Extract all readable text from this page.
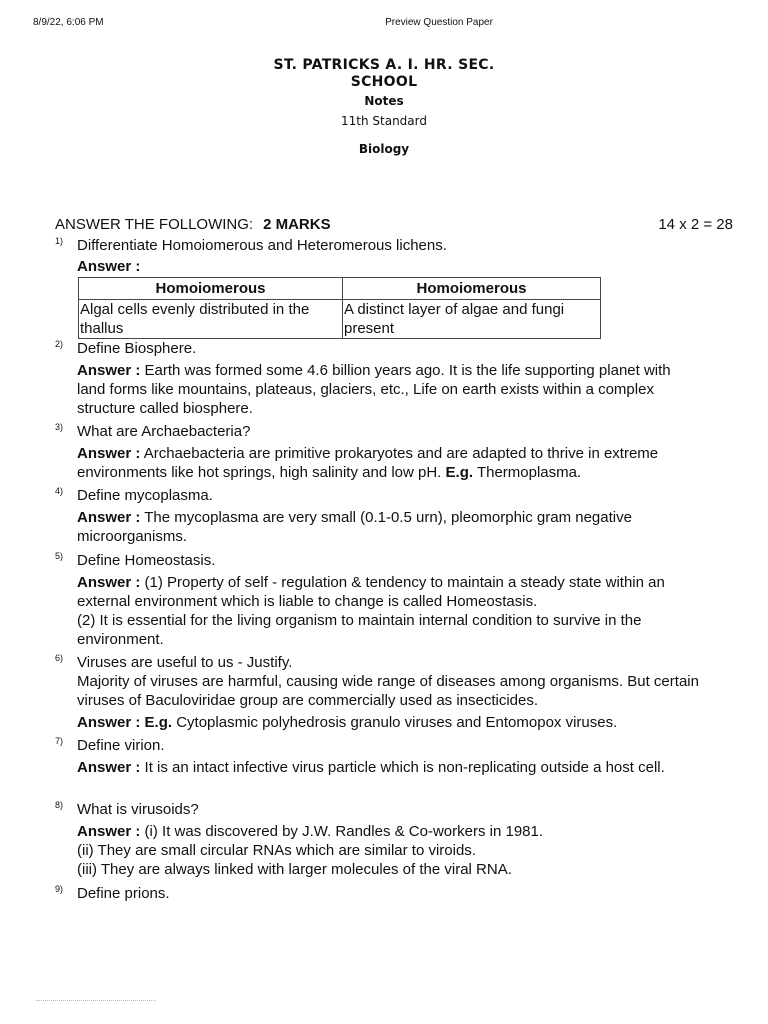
8/9/22, 6:06 PM	Preview Question Paper
ST. PATRICKS A. I. HR. SEC.
SCHOOL
Notes
11th Standard
Biology
ANSWER THE FOLLOWING: 2 MARKS	14 x 2 = 28
1) Differentiate Homoiomerous and Heteromerous lichens.
Answer :
Homoiomerous	Homoiomerous
Algal cells evenly distributed in the thallus	A distinct layer of algae and fungi present
2) Define Biosphere.
Answer : Earth was formed some 4.6 billion years ago. It is the life supporting planet with land forms like mountains, plateaus, glaciers, etc., Life on earth exists within a complex structure called biosphere.
3) What are Archaebacteria?
Answer : Archaebacteria are primitive prokaryotes and are adapted to thrive in extreme environments like hot springs, high salinity and low pH. E.g. Thermoplasma.
4) Define mycoplasma.
Answer : The mycoplasma are very small (0.1-0.5 urn), pleomorphic gram negative microorganisms.
5) Define Homeostasis.
Answer : (1) Property of self - regulation & tendency to maintain a steady state within an external environment which is liable to change is called Homeostasis.
(2) It is essential for the living organism to maintain internal condition to survive in the environment.
6) Viruses are useful to us - Justify.
Majority of viruses are harmful, causing wide range of diseases among organisms. But certain viruses of Baculoviridae group are commercially used as insecticides.
Answer : E.g. Cytoplasmic polyhedrosis granulo viruses and Entomopox viruses.
7) Define virion.
Answer : It is an intact infective virus particle which is non-replicating outside a host cell.
8) What is virusoids?
Answer : (i) It was discovered by J.W. Randles & Co-workers in 1981.
(ii) They are small circular RNAs which are similar to viroids.
(iii) They are always linked with larger molecules of the viral RNA.
9) Define prions.
